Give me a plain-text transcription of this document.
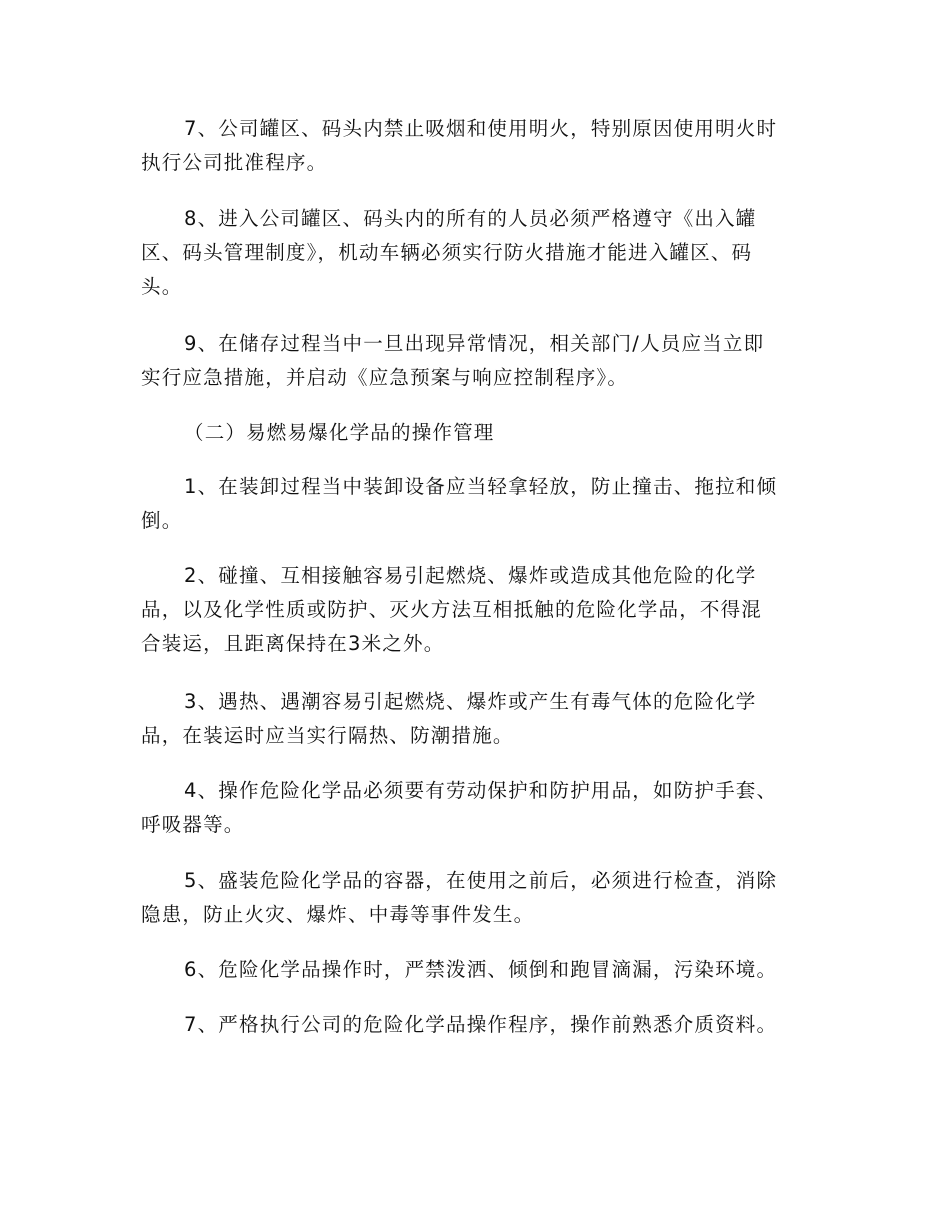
7、公司罐区、码头内禁止吸烟和使用明火，特别原因使用明火时
执行公司批准程序。

8、进入公司罐区、码头内的所有的人员必须严格遵守《出入罐
区、码头管理制度》，机动车辆必须实行防火措施才能进入罐区、码
头。

9、在储存过程当中一旦出现异常情况，相关部门/人员应当立即
实行应急措施，并启动《应急预案与响应控制程序》。

（二）易燃易爆化学品的操作管理

1、在装卸过程当中装卸设备应当轻拿轻放，防止撞击、拖拉和倾
倒。

2、碰撞、互相接触容易引起燃烧、爆炸或造成其他危险的化学
品，以及化学性质或防护、灭火方法互相抵触的危险化学品，不得混
合装运，且距离保持在3米之外。

3、遇热、遇潮容易引起燃烧、爆炸或产生有毒气体的危险化学
品，在装运时应当实行隔热、防潮措施。

4、操作危险化学品必须要有劳动保护和防护用品，如防护手套、
呼吸器等。

5、盛装危险化学品的容器，在使用之前后，必须进行检查，消除
隐患，防止火灾、爆炸、中毒等事件发生。

6、危险化学品操作时，严禁泼洒、倾倒和跑冒滴漏，污染环境。

7、严格执行公司的危险化学品操作程序，操作前熟悉介质资料。
